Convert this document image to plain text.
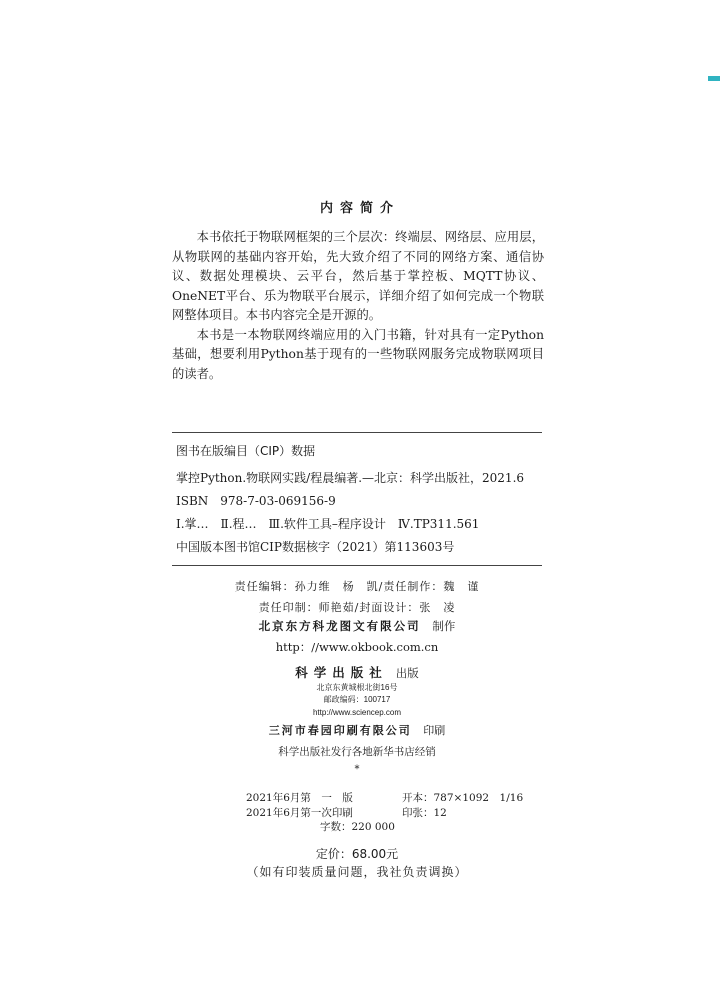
内容简介

本书依托于物联网框架的三个层次：终端层、网络层、应用层，从物联网的基础内容开始，先大致介绍了不同的网络方案、通信协议、数据处理模块、云平台，然后基于掌控板、MQTT协议、OneNET平台、乐为物联平台展示，详细介绍了如何完成一个物联网整体项目。本书内容完全是开源的。

本书是一本物联网终端应用的入门书籍，针对具有一定Python基础，想要利用Python基于现有的一些物联网服务完成物联网项目的读者。

图书在版编目（CIP）数据
掌控Python.物联网实践/程晨编著.—北京：科学出版社，2021.6
ISBN　978-7-03-069156-9
Ⅰ.掌…　Ⅱ.程…　Ⅲ.软件工具–程序设计　Ⅳ.TP311.561
中国版本图书馆CIP数据核字（2021）第113603号
责任编辑：孙力维　杨　凯/责任制作：魏　谨
责任印制：师艳茹/封面设计：张　凌
北京东方科龙图文有限公司 制作
http：//www.okbook.com.cn
科学出版社 出版
北京东黄城根北街16号
邮政编码：100717
http://www.sciencep.com
三河市春园印刷有限公司 印刷
科学出版社发行各地新华书店经销
*
2021年6月第　一　版	开本：787×1092　1/16
2021年6月第一次印刷	印张：12
字数：220 000
定价：68.00元
（如有印装质量问题，我社负责调换）
